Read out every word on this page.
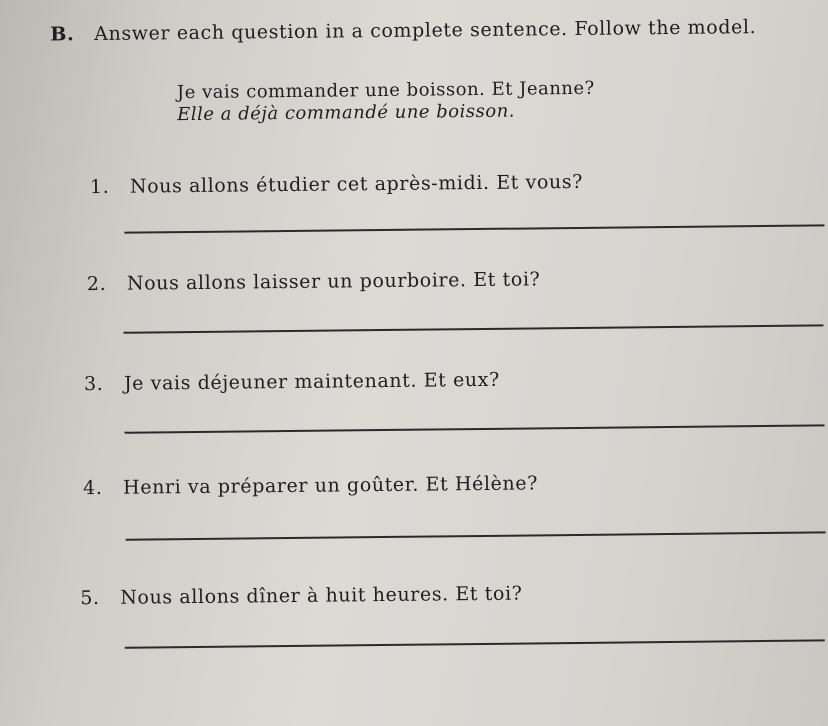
B. Answer each question in a complete sentence. Follow the model.
Je vais commander une boisson. Et Jeanne?
Elle a déjà commandé une boisson.
1. Nous allons étudier cet après-midi. Et vous?
2. Nous allons laisser un pourboire. Et toi?
3. Je vais déjeuner maintenant. Et eux?
4. Henri va préparer un goûter. Et Hélène?
5. Nous allons dîner à huit heures. Et toi?
